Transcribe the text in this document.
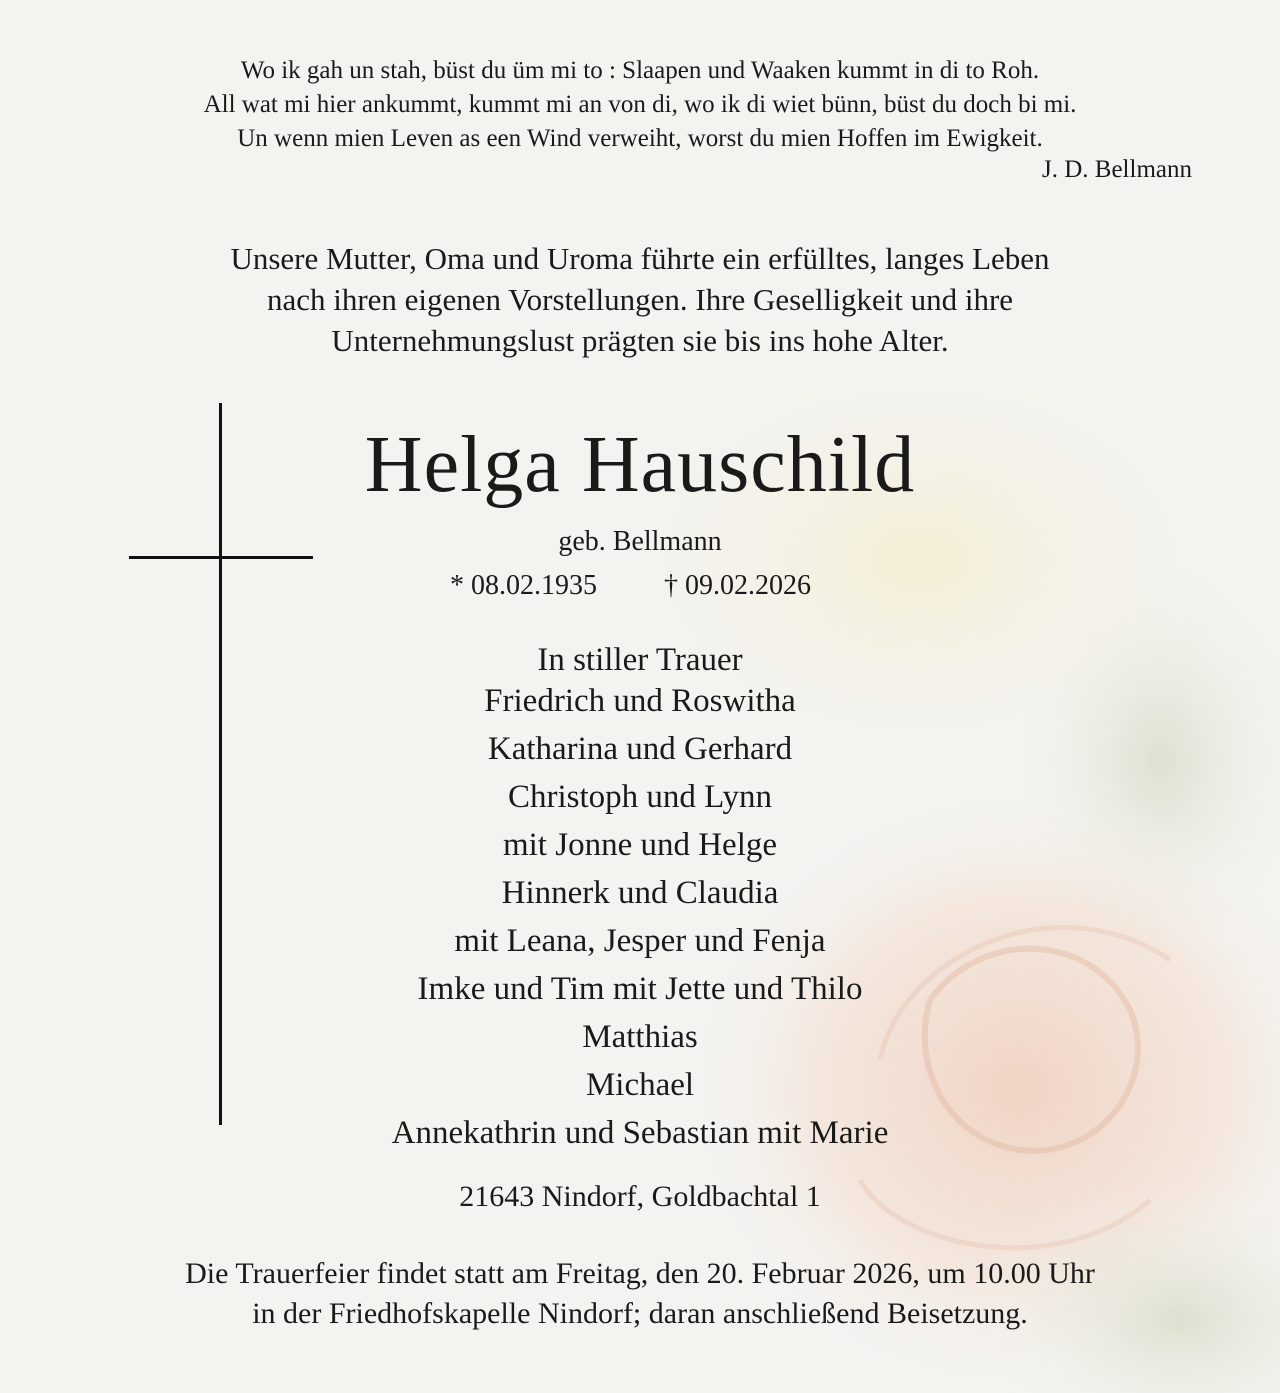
Wo ik gah un stah, büst du üm mi to : Slaapen und Waaken kummt in di to Roh.
All wat mi hier ankummt, kummt mi an von di, wo ik di wiet bünn, büst du doch bi mi.
Un wenn mien Leven as een Wind verweiht, worst du mien Hoffen im Ewigkeit.
J. D. Bellmann
Unsere Mutter, Oma und Uroma führte ein erfülltes, langes Leben
nach ihren eigenen Vorstellungen. Ihre Geselligkeit und ihre
Unternehmungslust prägten sie bis ins hohe Alter.
Helga Hauschild
geb. Bellmann
* 08.02.1935 † 09.02.2026
In stiller Trauer
Friedrich und Roswitha
Katharina und Gerhard
Christoph und Lynn
mit Jonne und Helge
Hinnerk und Claudia
mit Leana, Jesper und Fenja
Imke und Tim mit Jette und Thilo
Matthias
Michael
Annekathrin und Sebastian mit Marie
21643 Nindorf, Goldbachtal 1
Die Trauerfeier findet statt am Freitag, den 20. Februar 2026, um 10.00 Uhr
in der Friedhofskapelle Nindorf; daran anschließend Beisetzung.
